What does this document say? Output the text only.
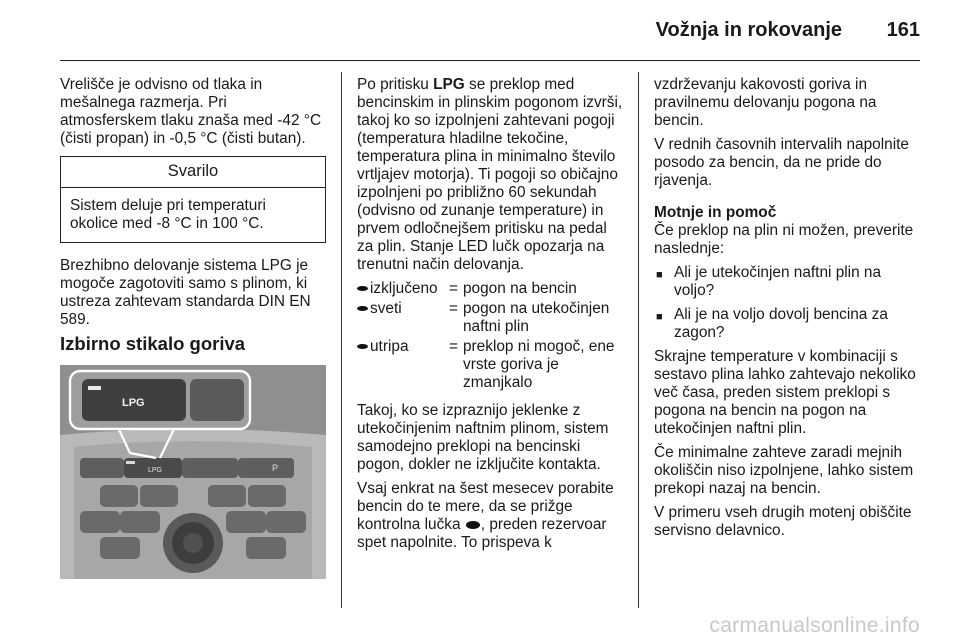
Vožnja in rokovanje 161

Vrelišče je odvisno od tlaka in mešalnega razmerja. Pri atmosferskem tlaku znaša med -42 °C (čisti propan) in -0,5 °C (čisti butan).

Svarilo
Sistem deluje pri temperaturi okolice med -8 °C in 100 °C.

Brezhibno delovanje sistema LPG je mogoče zagotoviti samo s plinom, ki ustreza zahtevam standarda DIN EN 589.

Izbirno stikalo goriva
LPG	P
LPG

Po pritisku LPG se preklop med bencinskim in plinskim pogonom izvrši, takoj ko so izpolnjeni zahtevani pogoji (temperatura hladilne tekočine, temperatura plina in minimalno število vrtljajev motorja). Ti pogoji so običajno izpolnjeni po približno 60 sekundah (odvisno od zunanje temperature) in prvem odločnejšem pritisku na pedal za plin. Stanje LED lučk opozarja na trenutni način delovanja.

izključeno = pogon na bencin
sveti	= pogon na utekočinjen naftni plin
utripa	= preklop ni mogoč, ene vrste goriva je zmanjkalo

Takoj, ko se izpraznijo jeklenke z utekočinjenim naftnim plinom, sistem samodejno preklopi na bencinski pogon, dokler ne izključite kontakta.

Vsaj enkrat na šest mesecev porabite bencin do te mere, da se prižge kontrolna lučka , preden rezervoar spet napolnite. To prispeva k

vzdrževanju kakovosti goriva in pravilnemu delovanju pogona na bencin.

V rednih časovnih intervalih napolnite posodo za bencin, da ne pride do rjavenja.

Motnje in pomoč

Če preklop na plin ni možen, preverite naslednje:

■ Ali je utekočinjen naftni plin na voljo?
■ Ali je na voljo dovolj bencina za zagon?

Skrajne temperature v kombinaciji s sestavo plina lahko zahtevajo nekoliko več časa, preden sistem preklopi s pogona na bencin na pogon na utekočinjen naftni plin.

Če minimalne zahteve zaradi mejnih okoliščin niso izpolnjene, lahko sistem prekopi nazaj na bencin.

V primeru vseh drugih motenj obiščite servisno delavnico.

carmanualsonline.info
